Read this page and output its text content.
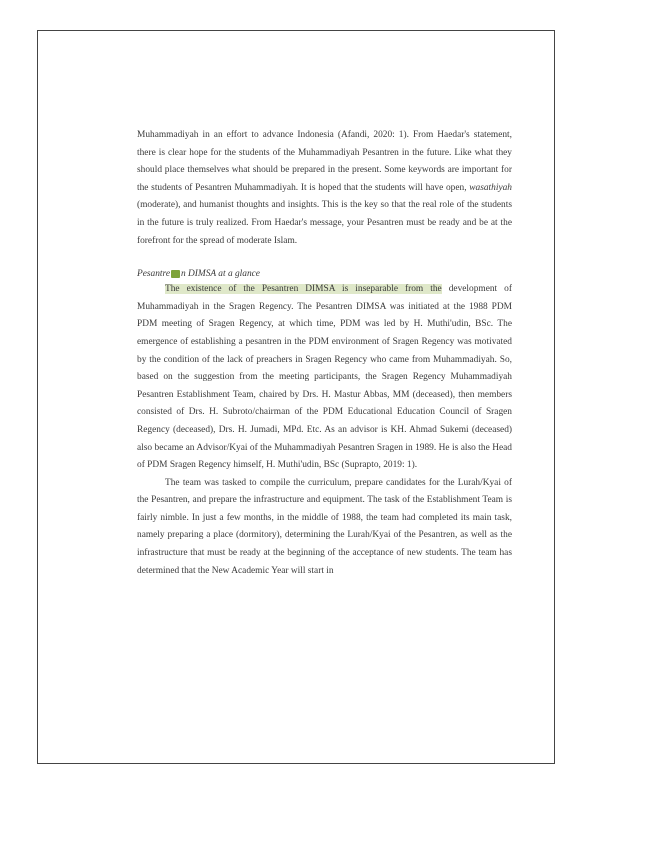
Muhammadiyah in an effort to advance Indonesia (Afandi, 2020: 1). From Haedar's statement, there is clear hope for the students of the Muhammadiyah Pesantren in the future. Like what they should place themselves what should be prepared in the present. Some keywords are important for the students of Pesantren Muhammadiyah. It is hoped that the students will have open, wasathiyah (moderate), and humanist thoughts and insights. This is the key so that the real role of the students in the future is truly realized. From Haedar's message, your Pesantren must be ready and be at the forefront for the spread of moderate Islam.

Pesantre n DIMSA at a glance

The existence of the Pesantren DIMSA is inseparable from the development of Muhammadiyah in the Sragen Regency. The Pesantren DIMSA was initiated at the 1988 PDM PDM meeting of Sragen Regency, at which time, PDM was led by H. Muthi'udin, BSc. The emergence of establishing a pesantren in the PDM environment of Sragen Regency was motivated by the condition of the lack of preachers in Sragen Regency who came from Muhammadiyah. So, based on the suggestion from the meeting participants, the Sragen Regency Muhammadiyah Pesantren Establishment Team, chaired by Drs. H. Mastur Abbas, MM (deceased), then members consisted of Drs. H. Subroto/chairman of the PDM Educational Education Council of Sragen Regency (deceased), Drs. H. Jumadi, MPd. Etc. As an advisor is KH. Ahmad Sukemi (deceased) also became an Advisor/Kyai of the Muhammadiyah Pesantren Sragen in 1989. He is also the Head of PDM Sragen Regency himself, H. Muthi'udin, BSc (Suprapto, 2019: 1).

The team was tasked to compile the curriculum, prepare candidates for the Lurah/Kyai of the Pesantren, and prepare the infrastructure and equipment. The task of the Establishment Team is fairly nimble. In just a few months, in the middle of 1988, the team had completed its main task, namely preparing a place (dormitory), determining the Lurah/Kyai of the Pesantren, as well as the infrastructure that must be ready at the beginning of the acceptance of new students. The team has determined that the New Academic Year will start in
